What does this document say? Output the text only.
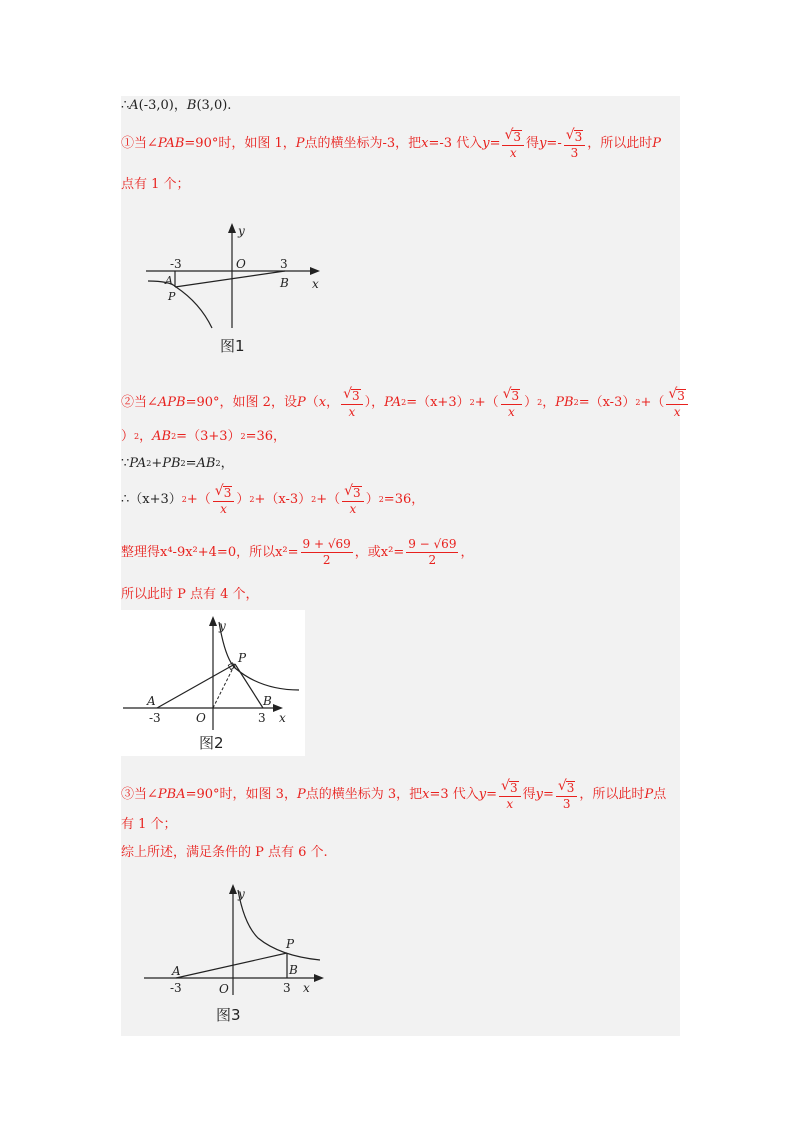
∴ A (-3,0) ， B (3,0).
①当∠ PAB =90°时，如图 1， P 点的横坐标为-3，把 x =-3 代入 $y = \frac{√ 3}{x}$ 得 $y =- \frac{√ 3}{3}$ ，所以此时 P
点有 1 个；
y
x
O
-3	3
A	B
P
图1
②当∠ APB =90°，如图 2，设 P （ x ， $\frac{√ 3}{x}$ ）， PA 2 =（x+3） 2 +（ $\frac{√ 3}{x}$ ） 2 ， PB 2 =（x-3） 2 +（ $\frac{√ 3}{x}$
） 2 ， AB 2 =（3+3） 2 =36，
∵ PA 2 + PB 2 = AB 2 ，
∴（x+3） 2 +（ $\frac{√ 3}{x}$ ） 2 +（x-3） 2 +（ $\frac{√ 3}{x}$ ） 2 =36，
整理得 x⁴-9x²+4=0，所以 $x^2= \frac{9 + √69}{2}$ ，或 $x^2= \frac{9 - √69}{2}$ ，
所以此时 P 点有 4 个，
y
x
O
-3	3
A	B
P
图2
③当∠ PBA =90°时，如图 3， P 点的横坐标为 3，把 x =3 代入 $y = \frac{√ 3}{x}$ 得 $y = \frac{√ 3}{3}$ ，所以此时 P 点
有 1 个；
综上所述，满足条件的 P 点有 6 个.
y
x
O
-3	3
A	B
P
图3
